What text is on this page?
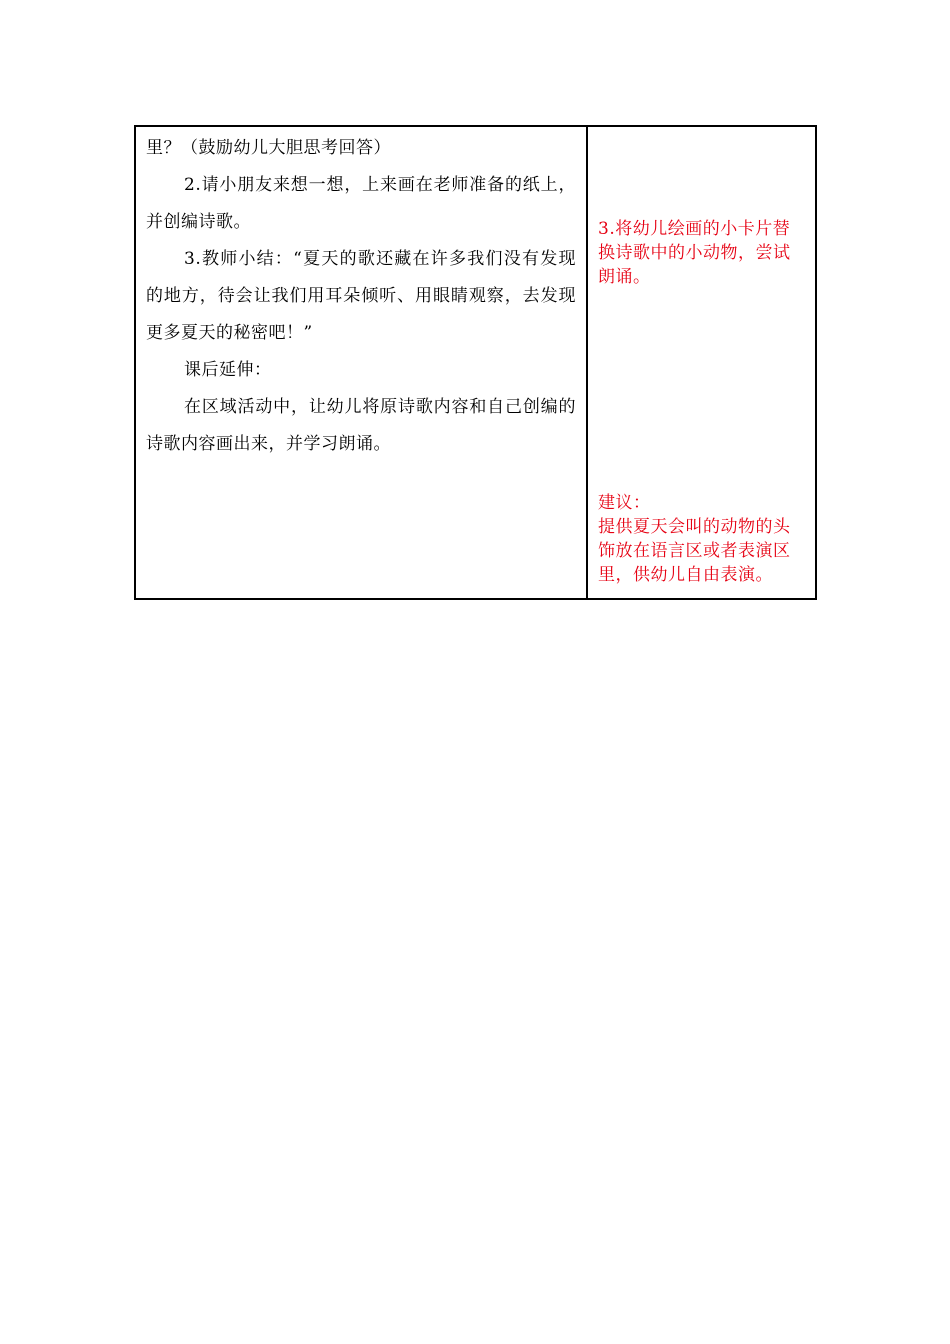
里？（鼓励幼儿大胆思考回答）

2.请小朋友来想一想，上来画在老师准备的纸上，并创编诗歌。

3.教师小结：“夏天的歌还藏在许多我们没有发现的地方，待会让我们用耳朵倾听、用眼睛观察，去发现更多夏天的秘密吧！”

课后延伸：

在区域活动中，让幼儿将原诗歌内容和自己创编的诗歌内容画出来，并学习朗诵。

3.将幼儿绘画的小卡片替换诗歌中的小动物，尝试朗诵。

建议：

提供夏天会叫的动物的头饰放在语言区或者表演区里，供幼儿自由表演。
